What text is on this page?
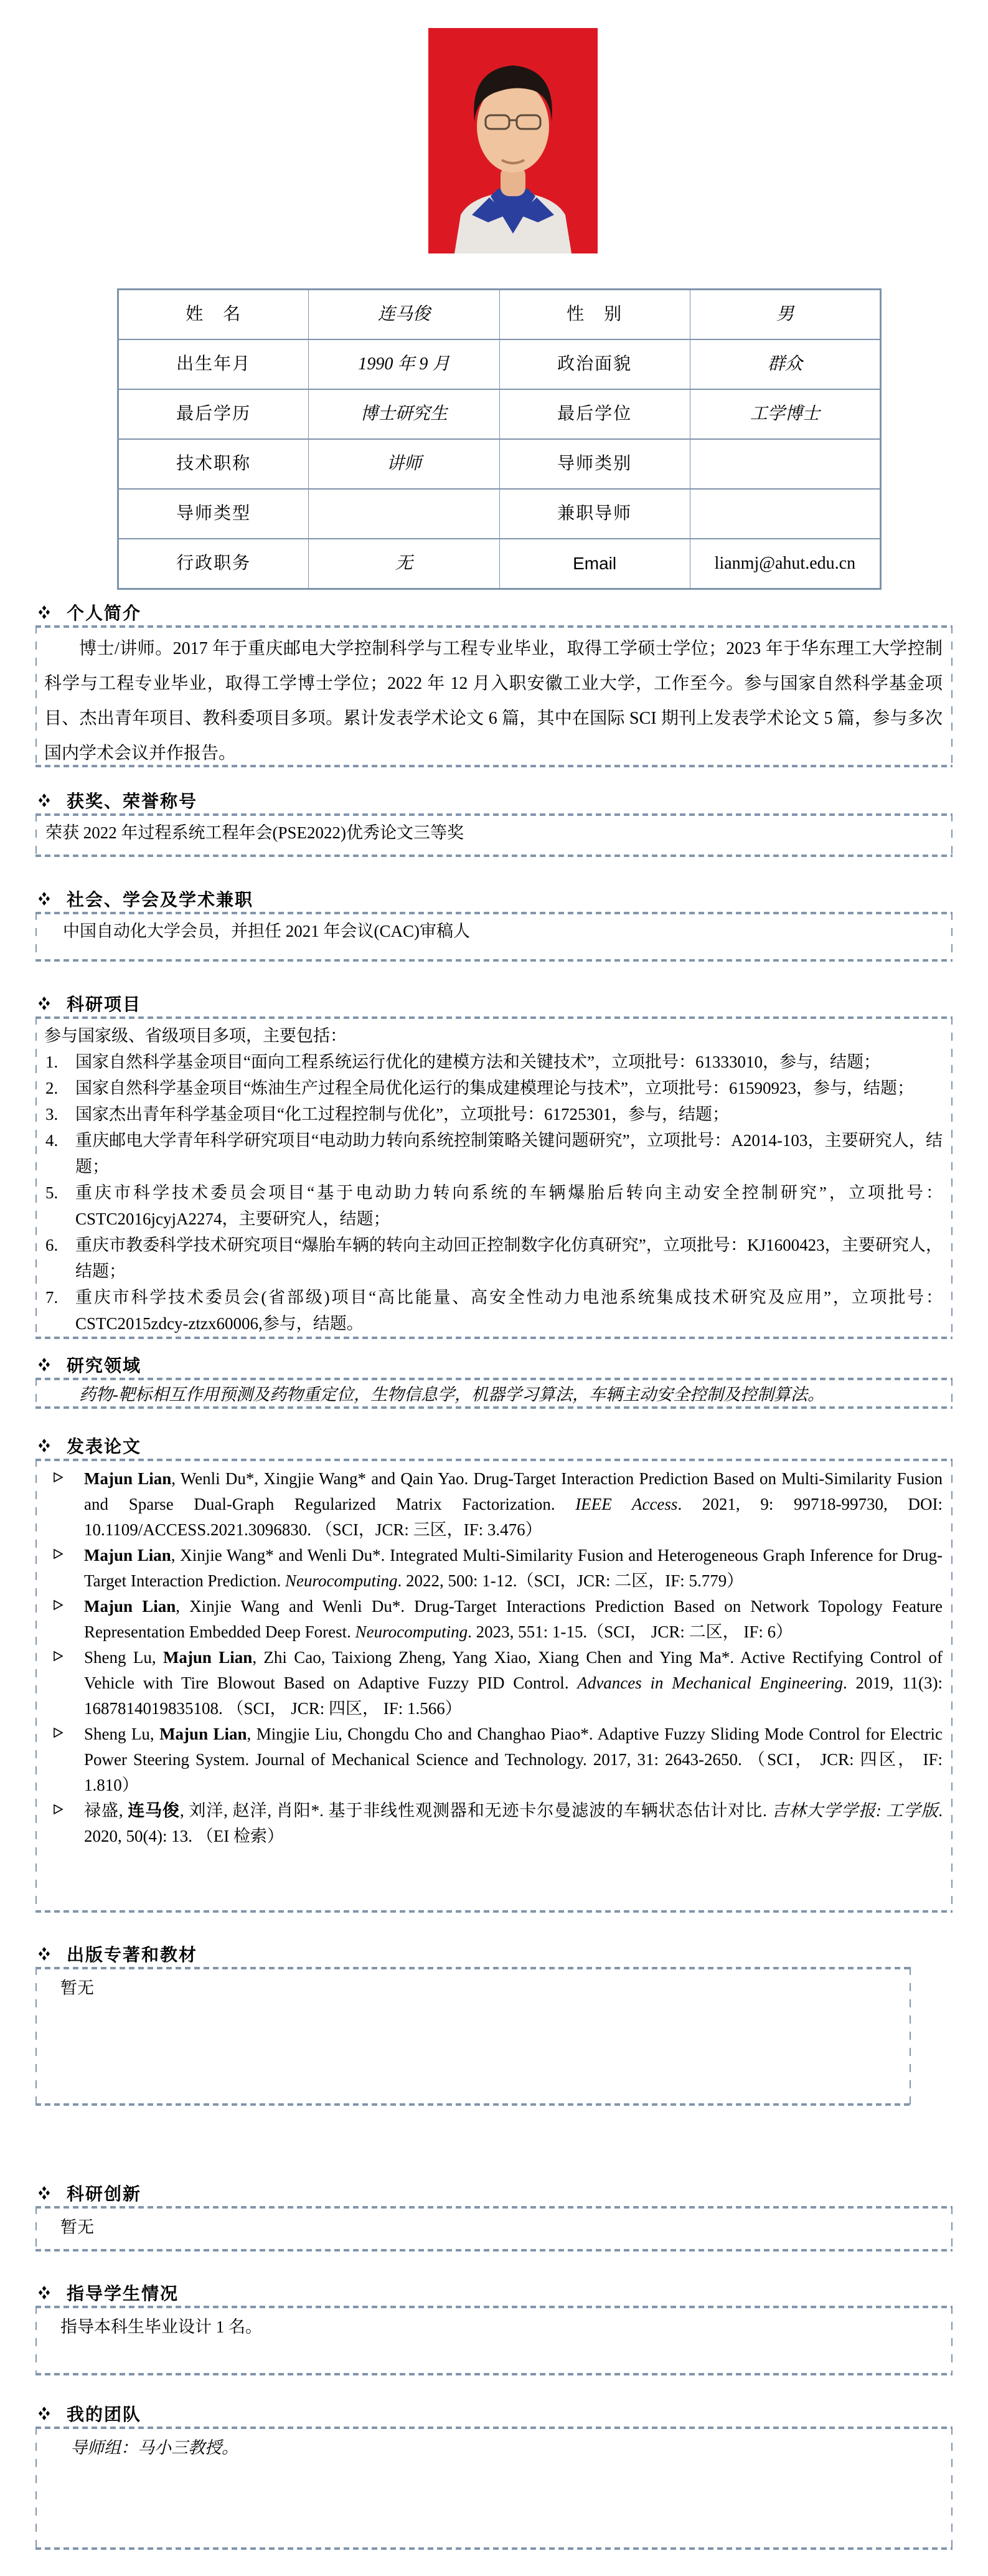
姓　名	连马俊	性　别	男
出生年月	1990 年 9 月	政治面貌	群众
最后学历	博士研究生	最后学位	工学博士
技术职称	讲师	导师类别	
导师类型		兼职导师	
行政职务	无	Email	lianmj@ahut.edu.cn
个人简介

博士/讲师。2017 年于重庆邮电大学控制科学与工程专业毕业，取得工学硕士学位；2023 年于华东理工大学控制科学与工程专业毕业，取得工学博士学位；2022 年 12 月入职安徽工业大学，工作至今。参与国家自然科学基金项目、杰出青年项目、教科委项目多项。累计发表学术论文 6 篇，其中在国际 SCI 期刊上发表学术论文 5 篇，参与多次国内学术会议并作报告。

获奖、荣誉称号
荣获 2022 年过程系统工程年会(PSE2022)优秀论文三等奖
社会、学会及学术兼职
中国自动化大学会员，并担任 2021 年会议(CAC)审稿人
科研项目

参与国家级、省级项目多项，主要包括：

国家自然科学基金项目“面向工程系统运行优化的建模方法和关键技术”，立项批号：61333010，参与，结题；
国家自然科学基金项目“炼油生产过程全局优化运行的集成建模理论与技术”，立项批号：61590923，参与，结题；
国家杰出青年科学基金项目“化工过程控制与优化”，立项批号：61725301，参与，结题；
重庆邮电大学青年科学研究项目“电动助力转向系统控制策略关键问题研究”，立项批号：A2014-103，主要研究人，结题；
重庆市科学技术委员会项目“基于电动助力转向系统的车辆爆胎后转向主动安全控制研究”，立项批号：CSTC2016jcyjA2274，主要研究人，结题；
重庆市教委科学技术研究项目“爆胎车辆的转向主动回正控制数字化仿真研究”，立项批号：KJ1600423，主要研究人，结题；
重庆市科学技术委员会(省部级)项目“高比能量、高安全性动力电池系统集成技术研究及应用”，立项批号：CSTC2015zdcy-ztzx60006,参与，结题。
研究领域
药物-靶标相互作用预测及药物重定位，生物信息学，机器学习算法，车辆主动安全控制及控制算法。
发表论文
Majun Lian, Wenli Du*, Xingjie Wang* and Qain Yao. Drug-Target Interaction Prediction Based on Multi-Similarity Fusion and Sparse Dual-Graph Regularized Matrix Factorization. IEEE Access. 2021, 9: 99718-99730, DOI: 10.1109/ACCESS.2021.3096830. （SCI，JCR: 三区，IF: 3.476）
Majun Lian, Xinjie Wang* and Wenli Du*. Integrated Multi-Similarity Fusion and Heterogeneous Graph Inference for Drug-Target Interaction Prediction. Neurocomputing. 2022, 500: 1-12.（SCI，JCR: 二区，IF: 5.779）
Majun Lian, Xinjie Wang and Wenli Du*. Drug-Target Interactions Prediction Based on Network Topology Feature Representation Embedded Deep Forest. Neurocomputing. 2023, 551: 1-15.（SCI， JCR: 二区， IF: 6）
Sheng Lu, Majun Lian, Zhi Cao, Taixiong Zheng, Yang Xiao, Xiang Chen and Ying Ma*. Active Rectifying Control of Vehicle with Tire Blowout Based on Adaptive Fuzzy PID Control. Advances in Mechanical Engineering. 2019, 11(3): 1687814019835108. （SCI， JCR: 四区， IF: 1.566）
Sheng Lu, Majun Lian, Mingjie Liu, Chongdu Cho and Changhao Piao*. Adaptive Fuzzy Sliding Mode Control for Electric Power Steering System. Journal of Mechanical Science and Technology. 2017, 31: 2643-2650. （SCI， JCR: 四区， IF: 1.810）
禄盛, 连马俊, 刘洋, 赵洋, 肖阳*. 基于非线性观测器和无迹卡尔曼滤波的车辆状态估计对比. 吉林大学学报: 工学版. 2020, 50(4): 13. （EI 检索）
出版专著和教材
暂无
科研创新
暂无
指导学生情况
指导本科生毕业设计 1 名。
我的团队
导师组：马小三教授。
